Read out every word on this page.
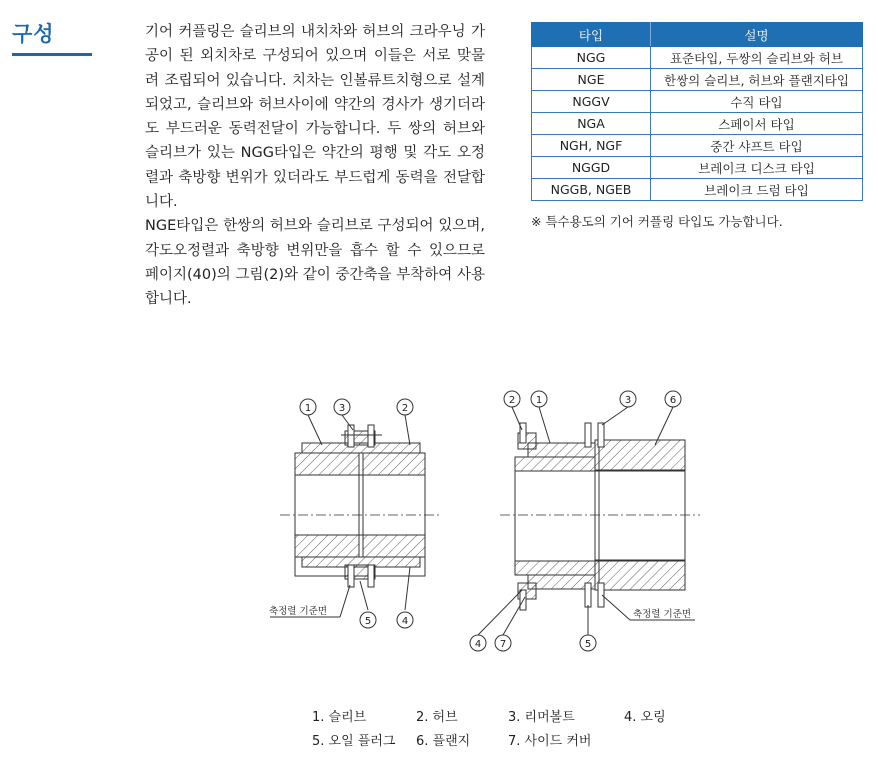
구성	기어 커플링은 슬리브의 내치차와 허브의 크라우닝 가공이 된 외치차로 구성되어 있으며 이들은 서로 맞물려 조립되어 있습니다. 치차는 인볼류트치형으로 설계되었고, 슬리브와 허브사이에 약간의 경사가 생기더라도 부드러운 동력전달이 가능합니다. 두 쌍의 허브와 슬리브가 있는 NGG타입은 약간의 평행 및 각도 오정렬과 축방향 변위가 있더라도 부드럽게 동력을 전달합니다.

NGE타입은 한쌍의 허브와 슬리브로 구성되어 있으며, 각도오정렬과 축방향 변위만을 흡수 할 수 있으므로 페이지(40)의 그림(2)와 같이 중간축을 부착하여 사용합니다.

타입	설명
NGG	표준타입, 두쌍의 슬리브와 허브
NGE	한쌍의 슬리브, 허브와 플랜지타입
NGGV	수직 타입
NGA	스페이서 타입
NGH, NGF	중간 샤프트 타입
NGGD	브레이크 디스크 타입
NGGB, NGEB	브레이크 드럼 타입
※ 특수용도의 기어 커플링 타입도 가능합니다.
1	3	2
5	4
축정렬 기준면
2 1	3	6
4 7	5
축정렬 기준면
1. 슬리브	2. 허브	3. 리머볼트	4. 오링
5. 오일 플러그	6. 플랜지	7. 사이드 커버
